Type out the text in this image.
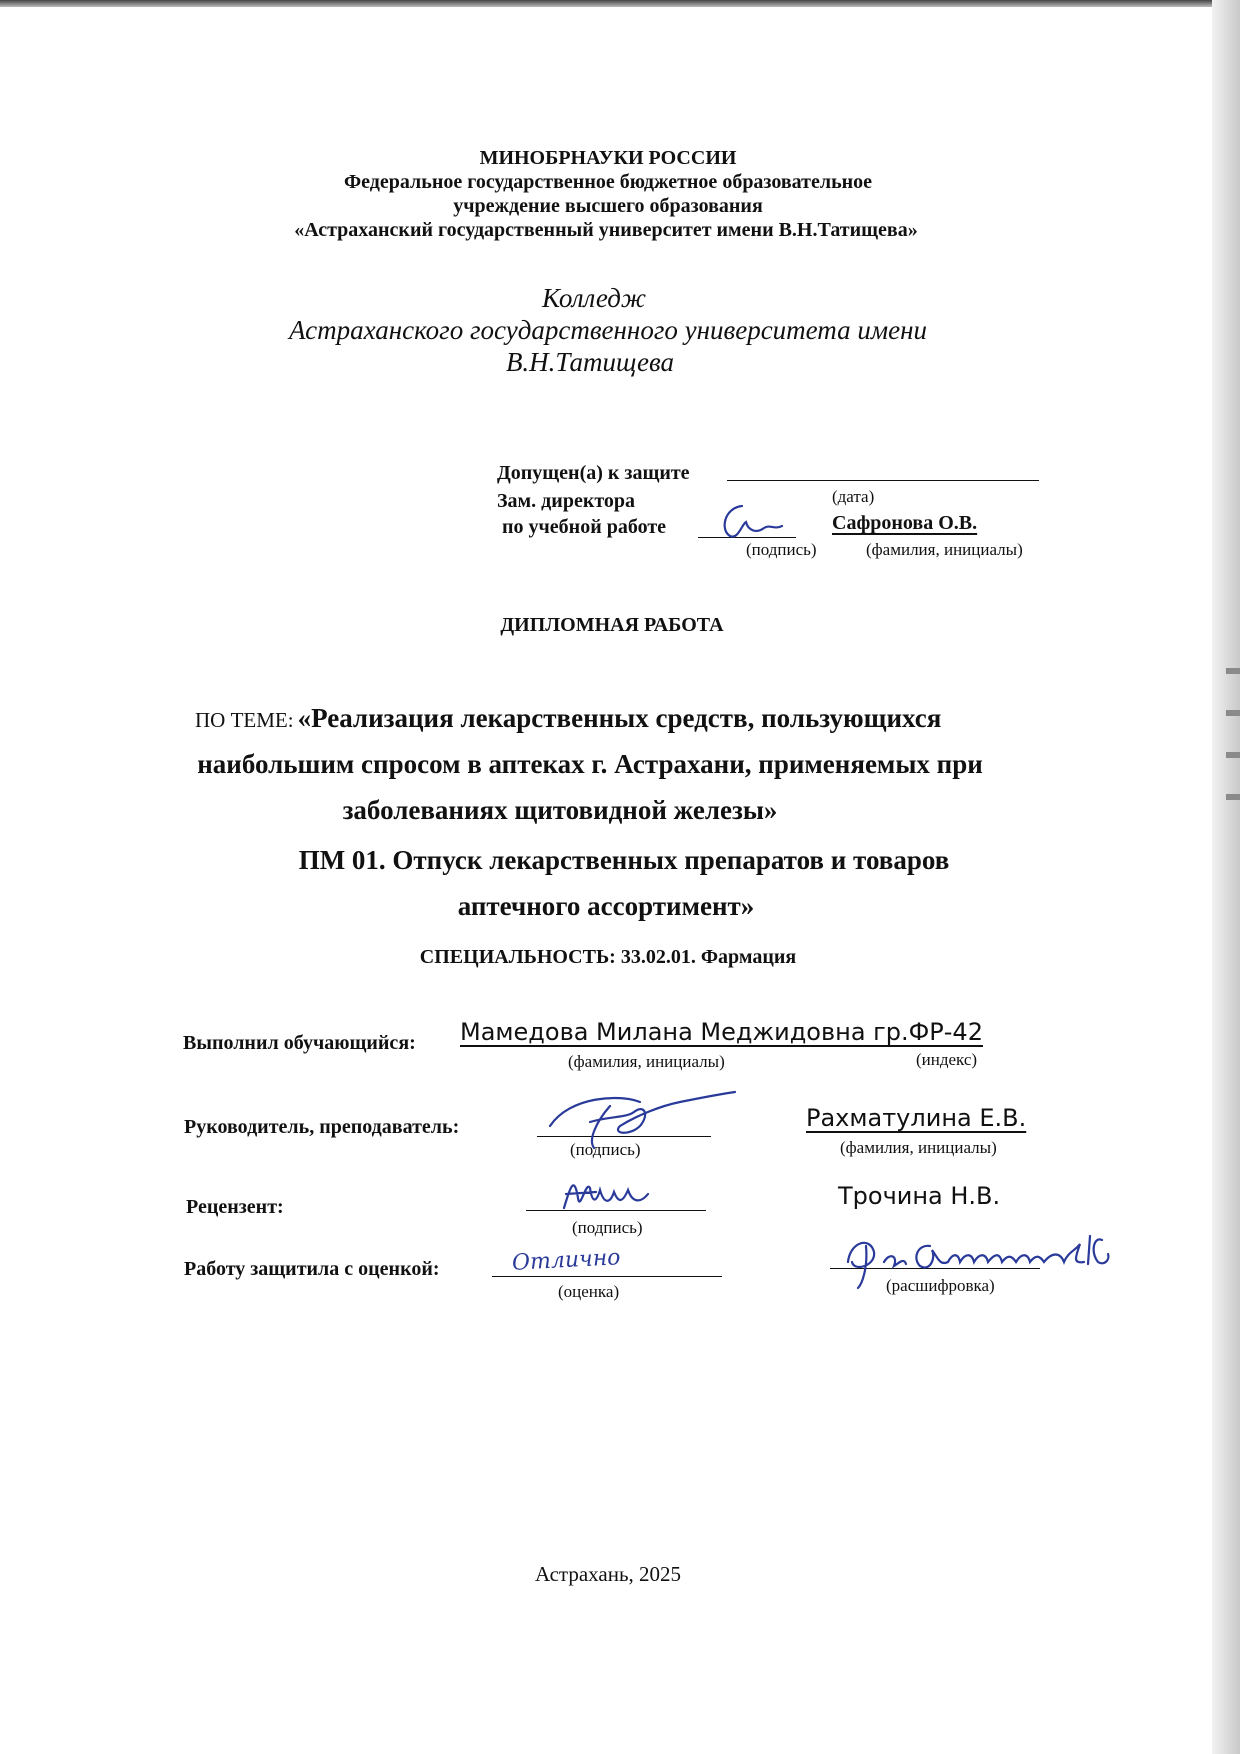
МИНОБРНАУКИ РОССИИ
Федеральное государственное бюджетное образовательное
учреждение высшего образования
«Астраханский государственный университет имени В.Н.Татищева»
Колледж
Астраханского государственного университета имени
В.Н.Татищева
Допущен(а) к защите
(дата)
Зам. директора
по учебной работе
(подпись)
Сафронова О.В.
(фамилия, инициалы)
ДИПЛОМНАЯ РАБОТА
ПО ТЕМЕ: «Реализация лекарственных средств, пользующихся
наибольшим спросом в аптеках г. Астрахани, применяемых при
заболеваниях щитовидной железы»
ПМ 01. Отпуск лекарственных препаратов и товаров
аптечного ассортимент»
СПЕЦИАЛЬНОСТЬ: 33.02.01. Фармация
Выполнил обучающийся: Мамедова Милана Меджидовна гр.ФР-42
(фамилия, инициалы)	(индекс)
Руководитель, преподаватель:
(подпись)
Рахматулина Е.В.
(фамилия, инициалы)
Рецензент:
(подпись)
Трочина Н.В.
Работу защитила с оценкой:	Отлично
(оценка)	(расшифровка)
Астрахань, 2025
